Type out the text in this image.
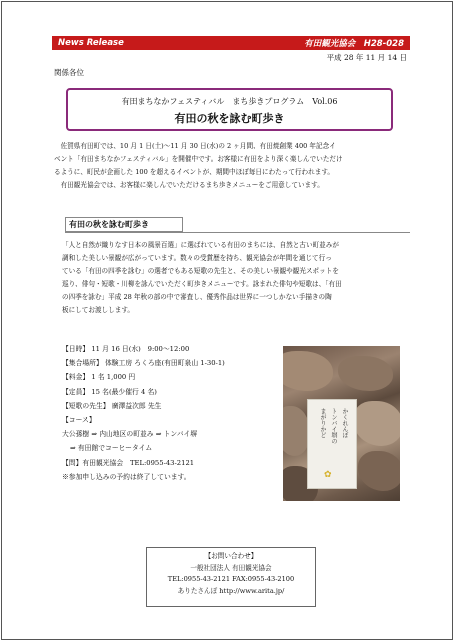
News Release	有田観光協会　H28-028
平成 28 年 11 月 14 日
関係各位
有田まちなかフェスティバル　まち歩きプログラム　Vol.06
有田の秋を詠む町歩き

佐賀県有田町では、10 月 1 日(土)～11 月 30 日(水)の 2 ヶ月間、有田焼創業 400 年記念イ

ベント「有田まちなかフェスティバル」を開催中です。お客様に有田をより深く楽しんでいただけ

るように、町民が企画した 100 を超えるイベントが、期間中ほぼ毎日にわたって行われます。

有田観光協会では、お客様に楽しんでいただけるまち歩きメニューをご用意しています。

有田の秋を詠む町歩き

「人と自然が織りなす日本の風景百選」に選ばれている有田のまちには、自然と古い町並みが

調和した美しい景観が広がっています。数々の受賞歴を持ち、観光協会が年間を通じて行っ

ている「有田の四季を詠む」の選者でもある短歌の先生と、その美しい景観や観光スポットを

巡り、俳句・短歌・川柳を詠んでいただく町歩きメニューです。詠まれた俳句や短歌は、「有田

の四季を詠む」平成 28 年秋の部の中で審査し、優秀作品は世界に一つしかない手描きの陶

板にしてお渡しします。

【日時】 11 月 16 日(水)　9:00～12:00
【集合場所】 体験工房 ろくろ座(有田町泉山 1-30-1)
【料金】 1 名 1,000 円
【定員】 15 名(最少催行 4 名)
【短歌の先生】 廣澤益次郎 先生
【コース】
大公孫樹 ⇒ 内山地区の町並み ⇒ トンバイ塀
⇒ 有田館でコーヒータイム
【問】有田観光協会　TEL:0955-43-2121
※参加申し込みの予約は終了しています。
かくれんぼ
トンバイ塀の
まがりかど
✿
【お問い合わせ】
一般社団法人 有田観光協会
TEL:0955-43-2121 FAX:0955-43-2100
ありたさんぽ http://www.arita.jp/
